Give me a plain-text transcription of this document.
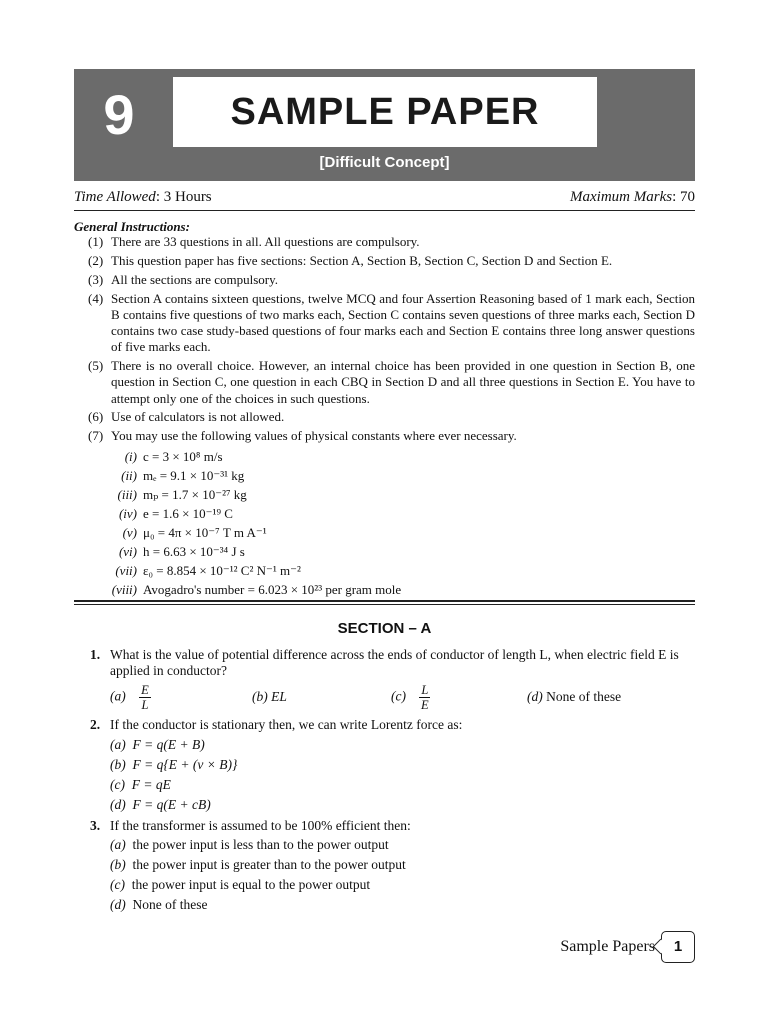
9	SAMPLE PAPER
[Difficult Concept]
Time Allowed: 3 Hours	Maximum Marks: 70
General Instructions:
(1) There are 33 questions in all. All questions are compulsory.
(2) This question paper has five sections: Section A, Section B, Section C, Section D and Section E.
(3) All the sections are compulsory.
(4) Section A contains sixteen questions, twelve MCQ and four Assertion Reasoning based of 1 mark each, Section B contains five questions of two marks each, Section C contains seven questions of three marks each, Section D contains two case study-based questions of four marks each and Section E contains three long answer questions of five marks each.
(5) There is no overall choice. However, an internal choice has been provided in one question in Section B, one question in Section C, one question in each CBQ in Section D and all three questions in Section E. You have to attempt only one of the choices in such questions.
(6) Use of calculators is not allowed.
(7) You may use the following values of physical constants where ever necessary.
(i) c = 3 × 10⁸ m/s
(ii) mₑ = 9.1 × 10⁻³¹ kg
(iii) mₚ = 1.7 × 10⁻²⁷ kg
(iv) e = 1.6 × 10⁻¹⁹ C
(v) μ₀ = 4π × 10⁻⁷ T m A⁻¹
(vi) h = 6.63 × 10⁻³⁴ J s
(vii) ε₀ = 8.854 × 10⁻¹² C² N⁻¹ m⁻²
(viii) Avogadro's number = 6.023 × 10²³ per gram mole
SECTION – A
1. What is the value of potential difference across the ends of conductor of length L, when electric field E is applied in conductor?
$(a) \frac{E}{L}$	(b) EL	$(c) \frac{L}{E}$	(d) None of these
2. If the conductor is stationary then, we can write Lorentz force as:
(a) F = q(E + B)
(b) F = q{E + (v × B)}
(c) F = qE
(d) F = q(E + cB)
3. If the transformer is assumed to be 100% efficient then:
(a) the power input is less than to the power output
(b) the power input is greater than to the power output
(c) the power input is equal to the power output
(d) None of these
Sample Papers	1
